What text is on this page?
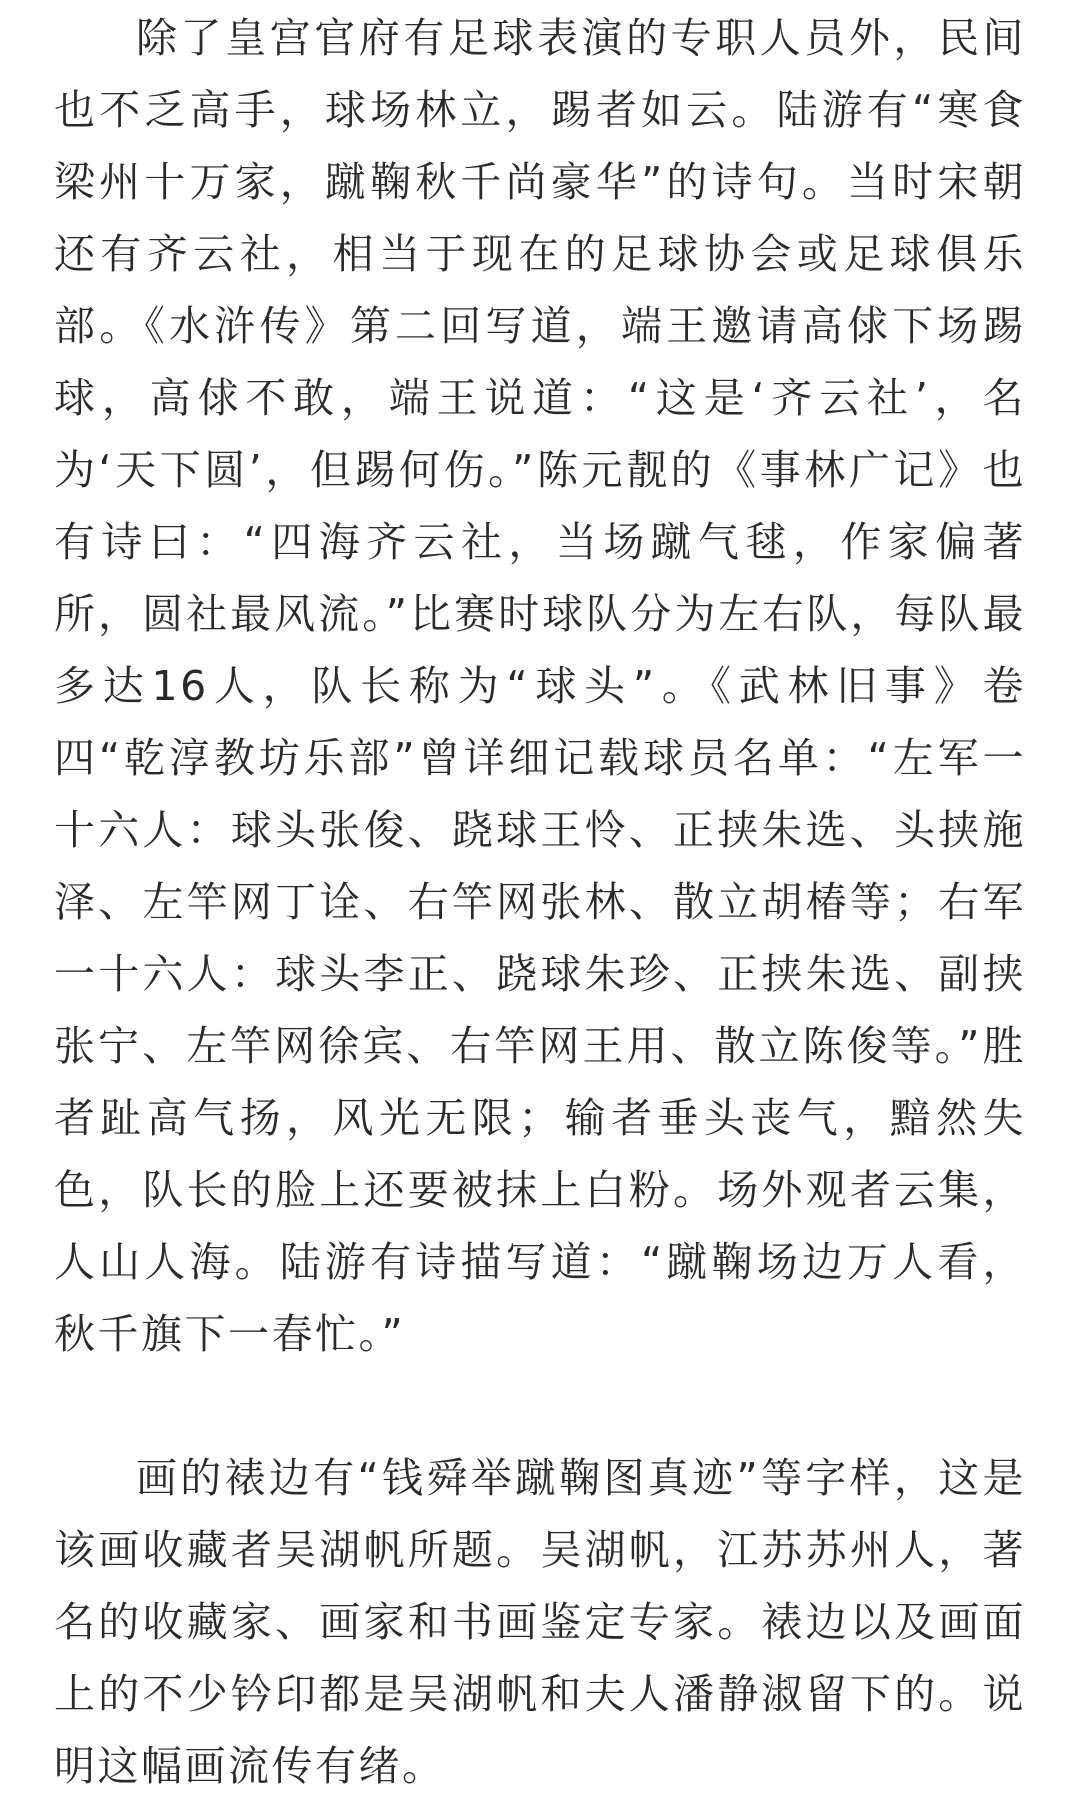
除了皇宫官府有足球表演的专职人员外，民间也不乏高手，球场林立，踢者如云。陆游有“寒食梁州十万家，蹴鞠秋千尚豪华”的诗句。当时宋朝还有齐云社，相当于现在的足球协会或足球俱乐部。《水浒传》第二回写道，端王邀请高俅下场踢球，高俅不敢，端王说道：“这是‘齐云社’，名为‘天下圆’，但踢何伤。”陈元靓的《事林广记》也有诗曰：“四海齐云社，当场蹴气毬，作家偏著所，圆社最风流。”比赛时球队分为左右队，每队最多达16人，队长称为“球头”。《武林旧事》卷四“乾淳教坊乐部”曾详细记载球员名单：“左军一十六人：球头张俊、跷球王怜、正挟朱选、头挟施泽、左竿网丁诠、右竿网张林、散立胡椿等；右军一十六人：球头李正、跷球朱珍、正挟朱选、副挟张宁、左竿网徐宾、右竿网王用、散立陈俊等。”胜者趾高气扬，风光无限；输者垂头丧气，黯然失色，队长的脸上还要被抹上白粉。场外观者云集，人山人海。陆游有诗描写道：“蹴鞠场边万人看，秋千旗下一春忙。”

画的裱边有“钱舜举蹴鞠图真迹”等字样，这是该画收藏者吴湖帆所题。吴湖帆，江苏苏州人，著名的收藏家、画家和书画鉴定专家。裱边以及画面上的不少钤印都是吴湖帆和夫人潘静淑留下的。说明这幅画流传有绪。
